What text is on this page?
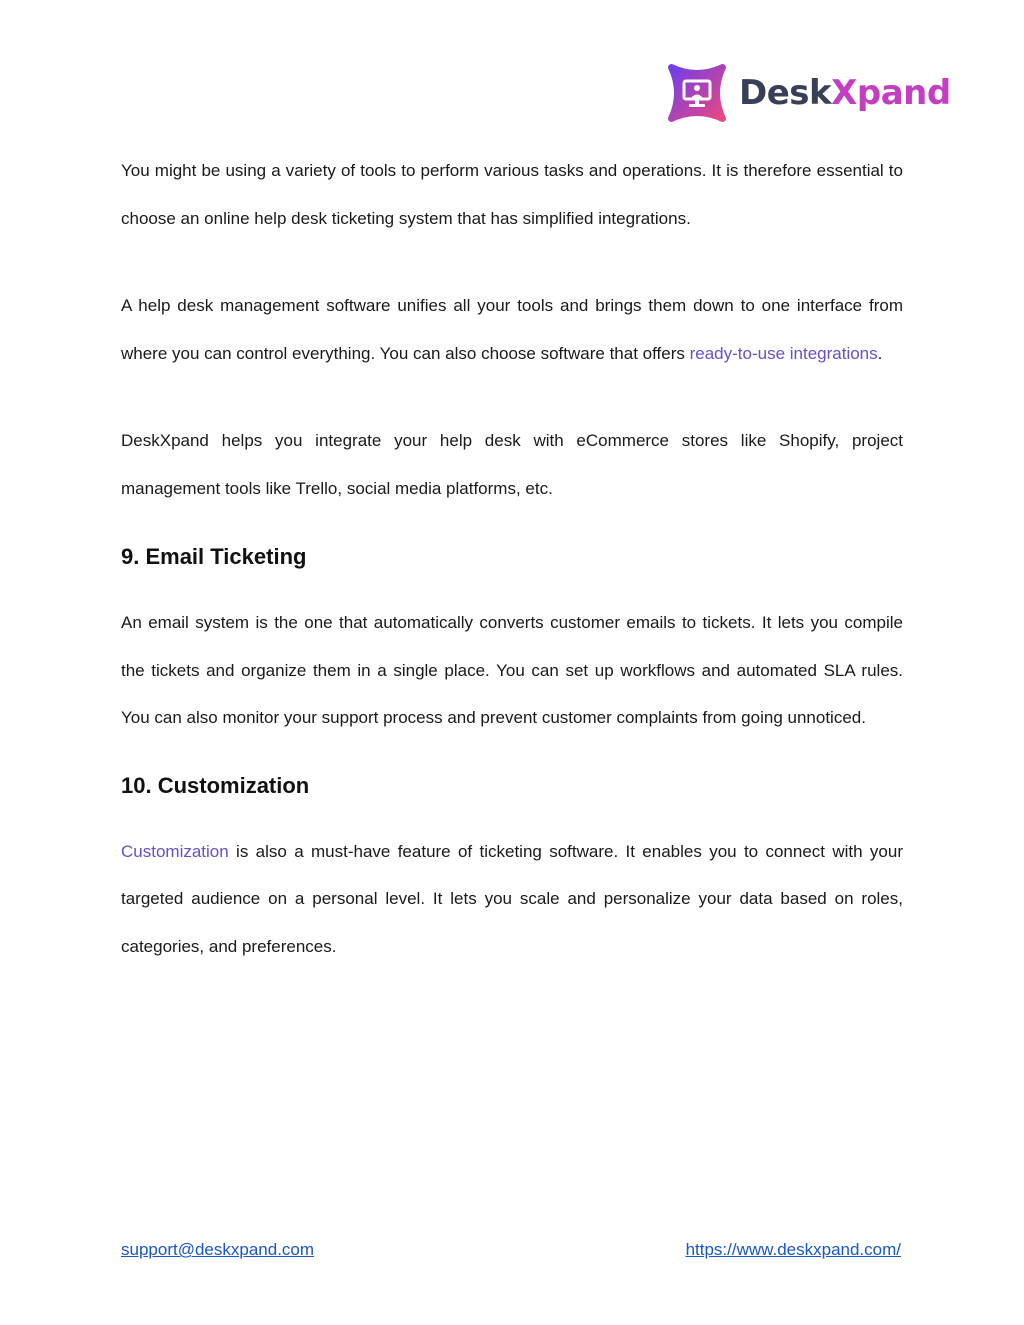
DeskXpand

You might be using a variety of tools to perform various tasks and operations. It is therefore essential to choose an online help desk ticketing system that has simplified integrations.

A help desk management software unifies all your tools and brings them down to one interface from where you can control everything. You can also choose software that offers ready-to-use integrations.

DeskXpand helps you integrate your help desk with eCommerce stores like Shopify, project management tools like Trello, social media platforms, etc.

9. Email Ticketing

An email system is the one that automatically converts customer emails to tickets. It lets you compile the tickets and organize them in a single place. You can set up workflows and automated SLA rules. You can also monitor your support process and prevent customer complaints from going unnoticed.

10. Customization

Customization is also a must-have feature of ticketing software. It enables you to connect with your targeted audience on a personal level. It lets you scale and personalize your data based on roles, categories, and preferences.

support@deskxpand.com	https://www.deskxpand.com/
